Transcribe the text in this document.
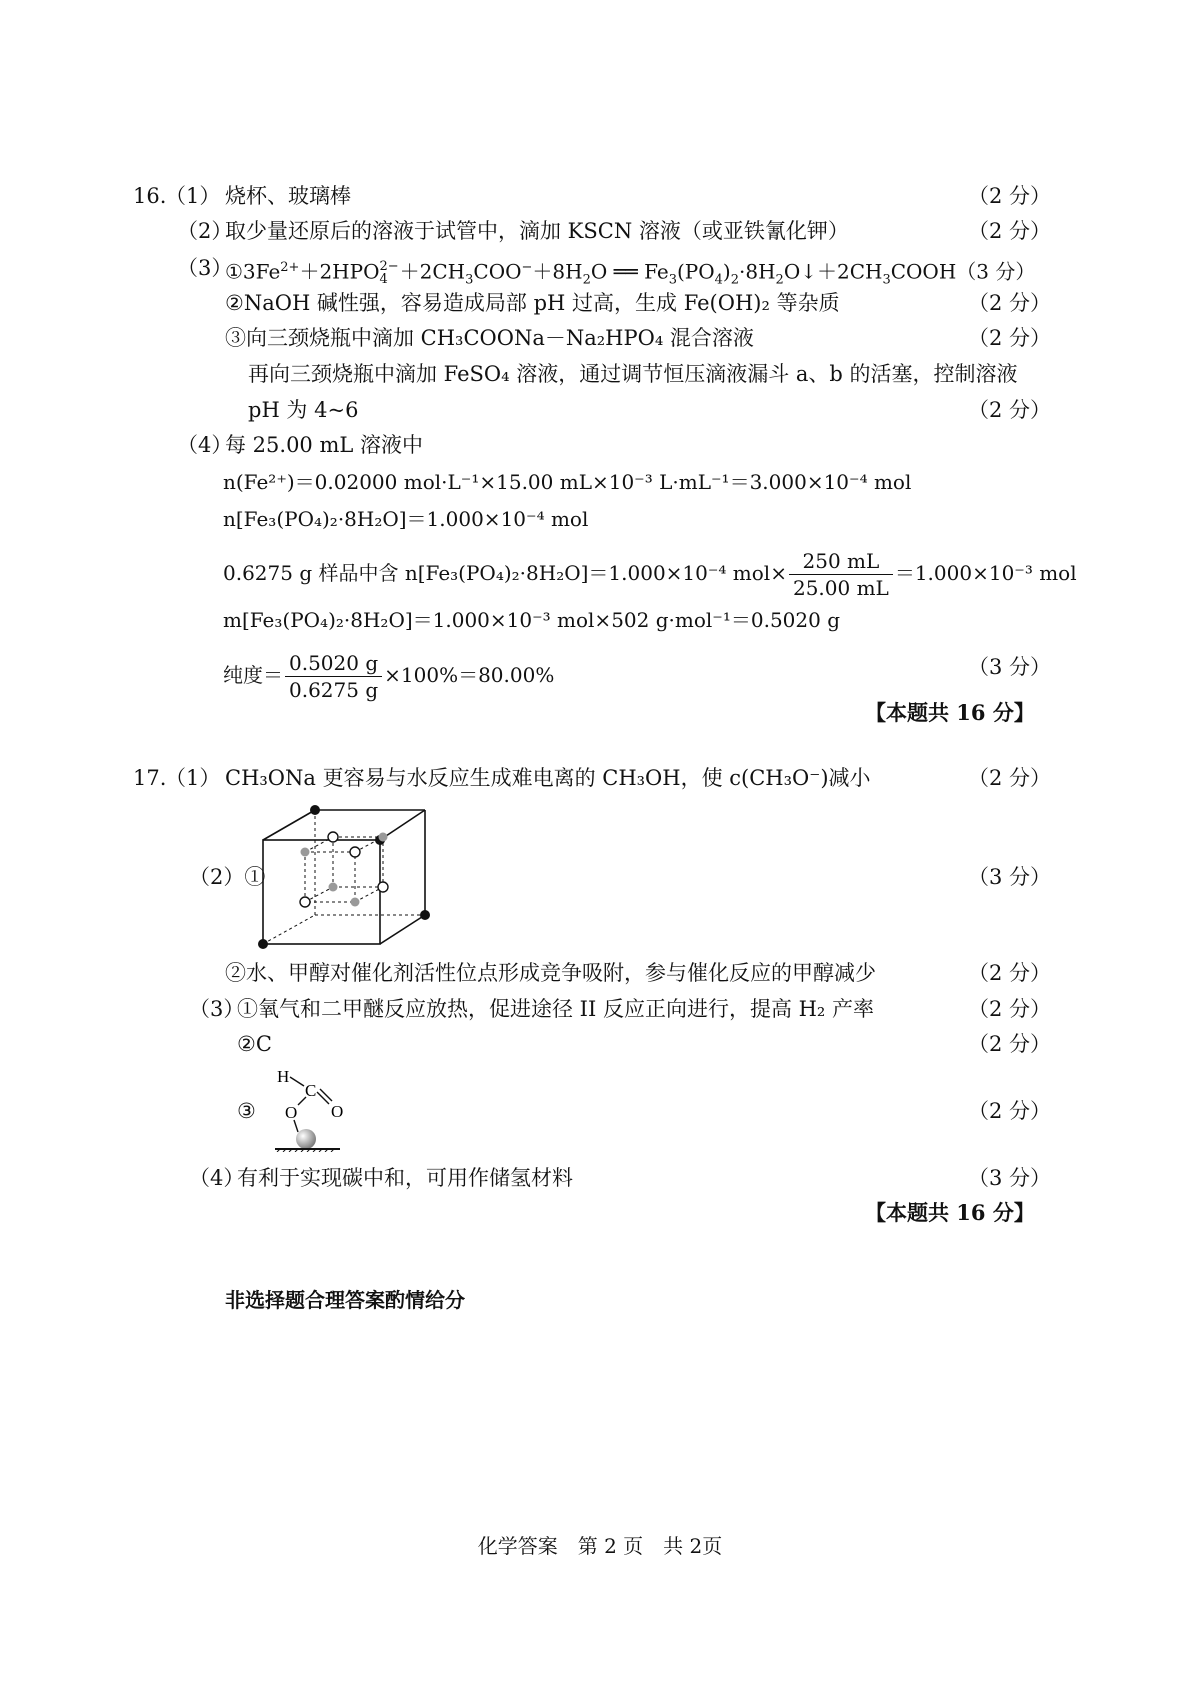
16.
（1） 烧杯、玻璃棒	（2 分）
（2）
取少量还原后的溶液于试管中，滴加 KSCN 溶液（或亚铁氰化钾）	（2 分）
（3）
$①3Fe^{2+}+2HPO$ 2−
$4 +2CH_3COO^-+8H_2O$ ══ $Fe_3(PO_4)_2\cdot 8H_2O↓+2CH_3COOH(3$ 分）
②NaOH 碱性强，容易造成局部 pH 过高，生成 Fe(OH)₂ 等杂质	（2 分）
③向三颈烧瓶中滴加 CH₃COONa－Na₂HPO₄ 混合溶液	（2 分）
再向三颈烧瓶中滴加 FeSO₄ 溶液，通过调节恒压滴液漏斗 a、b 的活塞，控制溶液
pH 为 4~6	（2 分）
（4）
每 25.00 mL 溶液中
n(Fe²⁺)＝0.02000 mol·L⁻¹×15.00 mL×10⁻³ L·mL⁻¹＝3.000×10⁻⁴ mol
n[Fe₃(PO₄)₂·8H₂O]＝1.000×10⁻⁴ mol
0.6275 g 样品中含 n[Fe₃(PO₄)₂·8H₂O]＝1.000×10⁻⁴ $mol\times \frac{250 mL}{25.00 mL} =1.000\times 10^{-3}$ mol
m[Fe₃(PO₄)₂·8H₂O]＝1.000×10⁻³ mol×502 g·mol⁻¹＝0.5020 g
纯度＝ $\frac{0.5020 g}{0.6275 g} \times 100\%=80.00\%$	（3 分）
【本题共 16 分】
17.
（1） CH₃ONa 更容易与水反应生成难电离的 CH₃OH，使 c(CH₃O⁻)减小	（2 分）
（2）①	（3 分）
②水、甲醇对催化剂活性位点形成竞争吸附，参与催化反应的甲醇减少	（2 分）
（3）
①氧气和二甲醚反应放热，促进途径 II 反应正向进行，提高 H₂ 产率	（2 分）
②C	（2 分）
③	（2 分）
H
C
O O
（4）
有利于实现碳中和，可用作储氢材料	（3 分）
【本题共 16 分】
非选择题合理答案酌情给分
化学答案　第 2 页　共 2页
